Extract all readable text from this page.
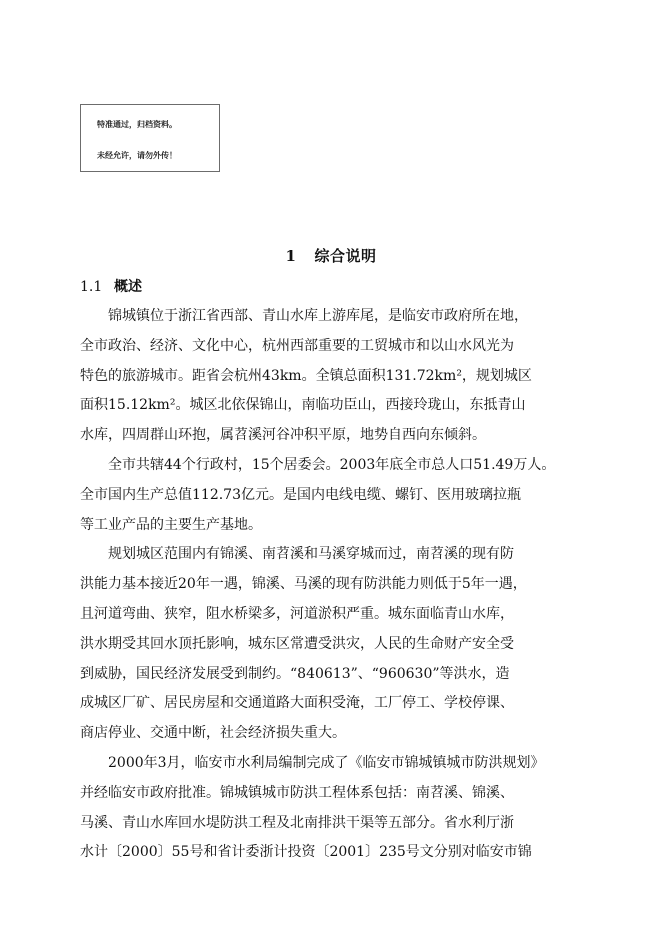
特准通过，归档资料。
未经允许，请勿外传！
1 综合说明
1.1 概述
锦城镇位于浙江省西部、青山水库上游库尾，是临安市政府所在地，
全市政治、经济、文化中心，杭州西部重要的工贸城市和以山水风光为
特色的旅游城市。距省会杭州43km。全镇总面积131.72km²，规划城区
面积15.12km²。城区北依保锦山，南临功臣山，西接玲珑山，东抵青山
水库，四周群山环抱，属苕溪河谷冲积平原，地势自西向东倾斜。
全市共辖44个行政村，15个居委会。2003年底全市总人口51.49万人。
全市国内生产总值112.73亿元。是国内电线电缆、螺钉、医用玻璃拉瓶
等工业产品的主要生产基地。
规划城区范围内有锦溪、南苕溪和马溪穿城而过，南苕溪的现有防
洪能力基本接近20年一遇，锦溪、马溪的现有防洪能力则低于5年一遇，
且河道弯曲、狭窄，阻水桥梁多，河道淤积严重。城东面临青山水库，
洪水期受其回水顶托影响，城东区常遭受洪灾，人民的生命财产安全受
到威胁，国民经济发展受到制约。“840613”、“960630”等洪水，造
成城区厂矿、居民房屋和交通道路大面积受淹，工厂停工、学校停课、
商店停业、交通中断，社会经济损失重大。
2000年3月，临安市水利局编制完成了《临安市锦城镇城市防洪规划》
并经临安市政府批准。锦城镇城市防洪工程体系包括：南苕溪、锦溪、
马溪、青山水库回水堤防洪工程及北南排洪干渠等五部分。省水利厅浙
水计〔2000〕55号和省计委浙计投资〔2001〕235号文分别对临安市锦
